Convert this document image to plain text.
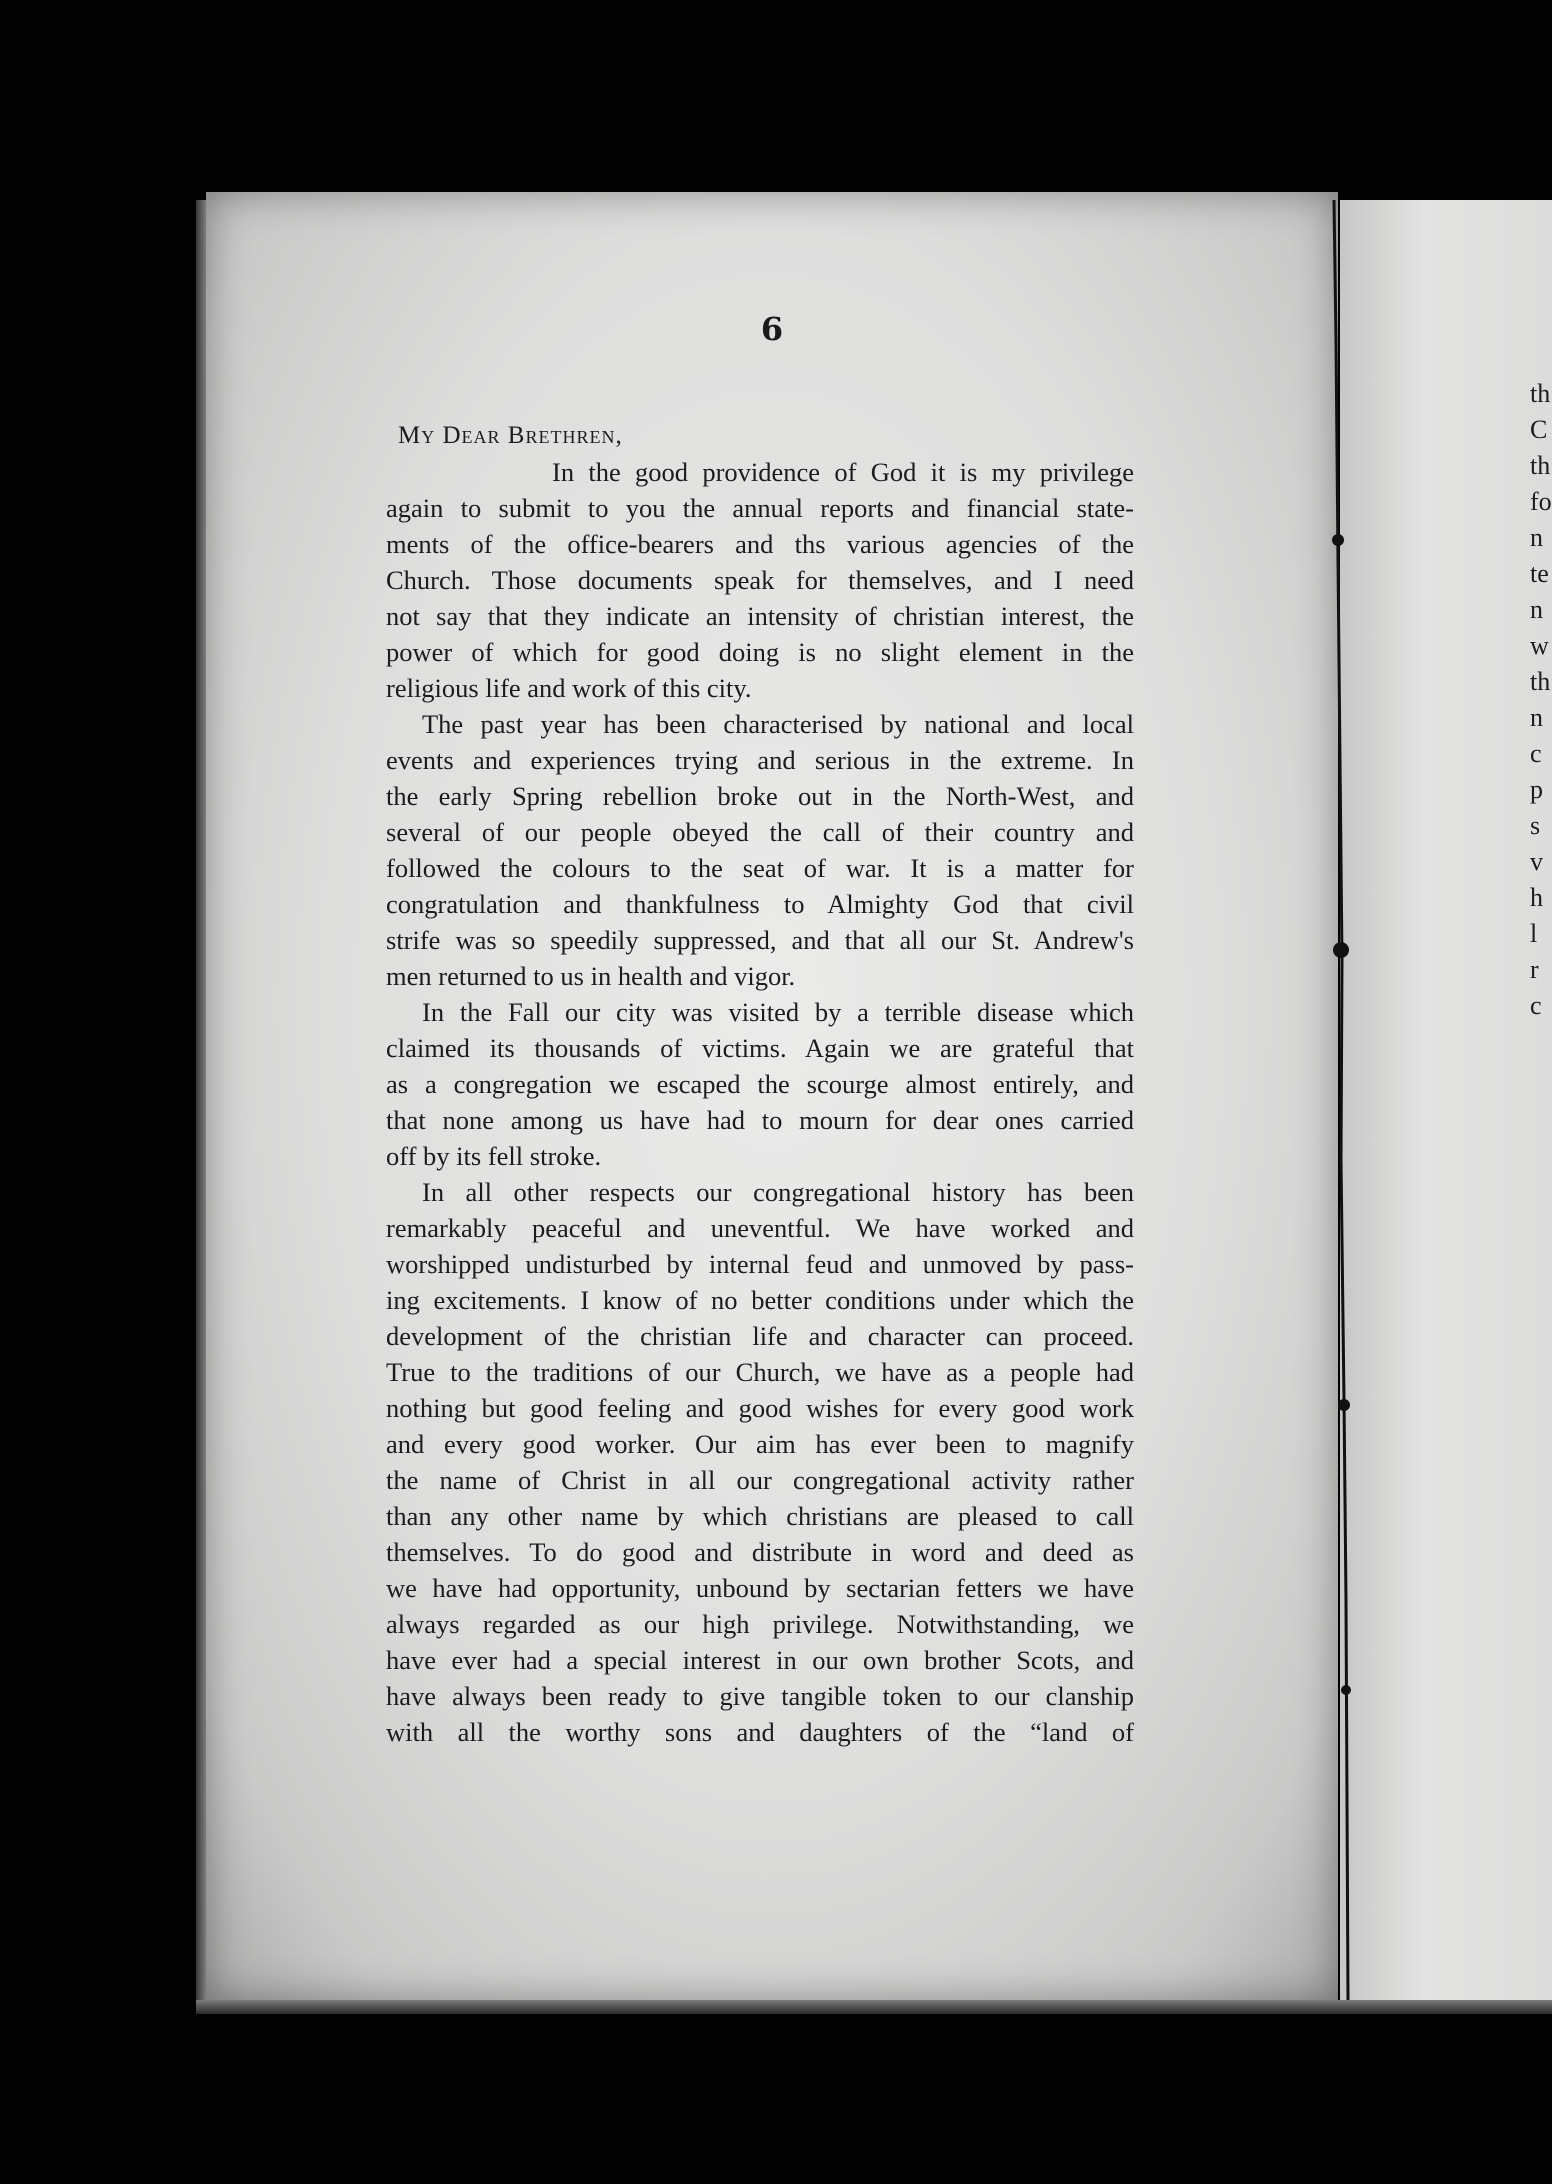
6
My Dear Brethren,
In the good providence of God it is my privilege
again to submit to you the annual reports and financial state-
ments of the office-bearers and ths various agencies of the
Church. Those documents speak for themselves, and I need
not say that they indicate an intensity of christian interest, the
power of which for good doing is no slight element in the
religious life and work of this city.
The past year has been characterised by national and local
events and experiences trying and serious in the extreme. In
the early Spring rebellion broke out in the North-West, and
several of our people obeyed the call of their country and
followed the colours to the seat of war. It is a matter for
congratulation and thankfulness to Almighty God that civil
strife was so speedily suppressed, and that all our St. Andrew's
men returned to us in health and vigor.
In the Fall our city was visited by a terrible disease which
claimed its thousands of victims. Again we are grateful that
as a congregation we escaped the scourge almost entirely, and
that none among us have had to mourn for dear ones carried
off by its fell stroke.
In all other respects our congregational history has been
remarkably peaceful and uneventful. We have worked and
worshipped undisturbed by internal feud and unmoved by pass-
ing excitements. I know of no better conditions under which the
development of the christian life and character can proceed.
True to the traditions of our Church, we have as a people had
nothing but good feeling and good wishes for every good work
and every good worker. Our aim has ever been to magnify
the name of Christ in all our congregational activity rather
than any other name by which christians are pleased to call
themselves. To do good and distribute in word and deed as
we have had opportunity, unbound by sectarian fetters we have
always regarded as our high privilege. Notwithstanding, we
have ever had a special interest in our own brother Scots, and
have always been ready to give tangible token to our clanship
with all the worthy sons and daughters of the “land of
th
C
th
fo
n
te
n
w
th
n
c
p
s
v
h
l
r
c
